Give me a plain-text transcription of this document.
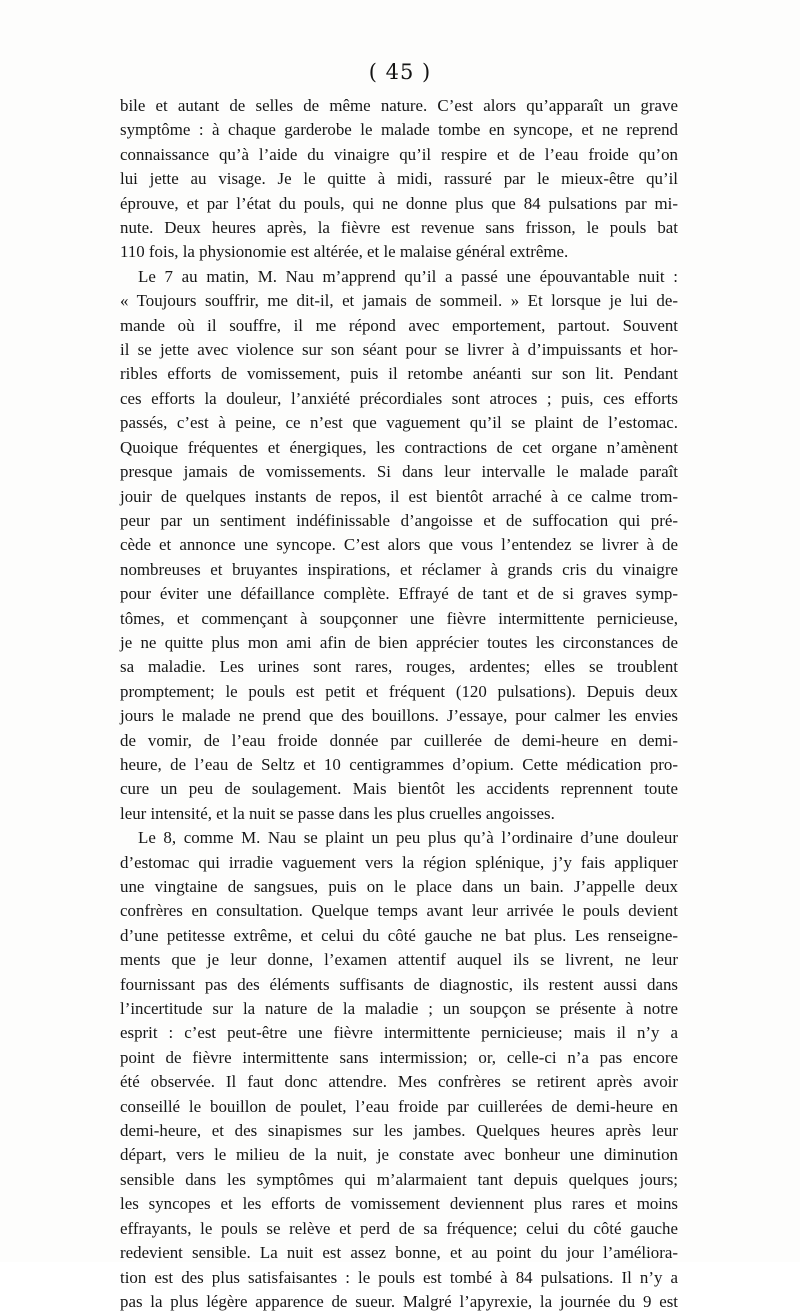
( 45 )

bile et autant de selles de même nature. C’est alors qu’apparaît un grave

symptôme : à chaque garderobe le malade tombe en syncope, et ne reprend

connaissance qu’à l’aide du vinaigre qu’il respire et de l’eau froide qu’on

lui jette au visage. Je le quitte à midi, rassuré par le mieux-être qu’il

éprouve, et par l’état du pouls, qui ne donne plus que 84 pulsations par mi-

nute. Deux heures après, la fièvre est revenue sans frisson, le pouls bat

110 fois, la physionomie est altérée, et le malaise général extrême.

Le 7 au matin, M. Nau m’apprend qu’il a passé une épouvantable nuit :

« Toujours souffrir, me dit-il, et jamais de sommeil. » Et lorsque je lui de-

mande où il souffre, il me répond avec emportement, partout. Souvent

il se jette avec violence sur son séant pour se livrer à d’impuissants et hor-

ribles efforts de vomissement, puis il retombe anéanti sur son lit. Pendant

ces efforts la douleur, l’anxiété précordiales sont atroces ; puis, ces efforts

passés, c’est à peine, ce n’est que vaguement qu’il se plaint de l’estomac.

Quoique fréquentes et énergiques, les contractions de cet organe n’amènent

presque jamais de vomissements. Si dans leur intervalle le malade paraît

jouir de quelques instants de repos, il est bientôt arraché à ce calme trom-

peur par un sentiment indéfinissable d’angoisse et de suffocation qui pré-

cède et annonce une syncope. C’est alors que vous l’entendez se livrer à de

nombreuses et bruyantes inspirations, et réclamer à grands cris du vinaigre

pour éviter une défaillance complète. Effrayé de tant et de si graves symp-

tômes, et commençant à soupçonner une fièvre intermittente pernicieuse,

je ne quitte plus mon ami afin de bien apprécier toutes les circonstances de

sa maladie. Les urines sont rares, rouges, ardentes; elles se troublent

promptement; le pouls est petit et fréquent (120 pulsations). Depuis deux

jours le malade ne prend que des bouillons. J’essaye, pour calmer les envies

de vomir, de l’eau froide donnée par cuillerée de demi-heure en demi-

heure, de l’eau de Seltz et 10 centigrammes d’opium. Cette médication pro-

cure un peu de soulagement. Mais bientôt les accidents reprennent toute

leur intensité, et la nuit se passe dans les plus cruelles angoisses.

Le 8, comme M. Nau se plaint un peu plus qu’à l’ordinaire d’une douleur

d’estomac qui irradie vaguement vers la région splénique, j’y fais appliquer

une vingtaine de sangsues, puis on le place dans un bain. J’appelle deux

confrères en consultation. Quelque temps avant leur arrivée le pouls devient

d’une petitesse extrême, et celui du côté gauche ne bat plus. Les renseigne-

ments que je leur donne, l’examen attentif auquel ils se livrent, ne leur

fournissant pas des éléments suffisants de diagnostic, ils restent aussi dans

l’incertitude sur la nature de la maladie ; un soupçon se présente à notre

esprit : c’est peut-être une fièvre intermittente pernicieuse; mais il n’y a

point de fièvre intermittente sans intermission; or, celle-ci n’a pas encore

été observée. Il faut donc attendre. Mes confrères se retirent après avoir

conseillé le bouillon de poulet, l’eau froide par cuillerées de demi-heure en

demi-heure, et des sinapismes sur les jambes. Quelques heures après leur

départ, vers le milieu de la nuit, je constate avec bonheur une diminution

sensible dans les symptômes qui m’alarmaient tant depuis quelques jours;

les syncopes et les efforts de vomissement deviennent plus rares et moins

effrayants, le pouls se relève et perd de sa fréquence; celui du côté gauche

redevient sensible. La nuit est assez bonne, et au point du jour l’améliora-

tion est des plus satisfaisantes : le pouls est tombé à 84 pulsations. Il n’y a

pas la plus légère apparence de sueur. Malgré l’apyrexie, la journée du 9 est
